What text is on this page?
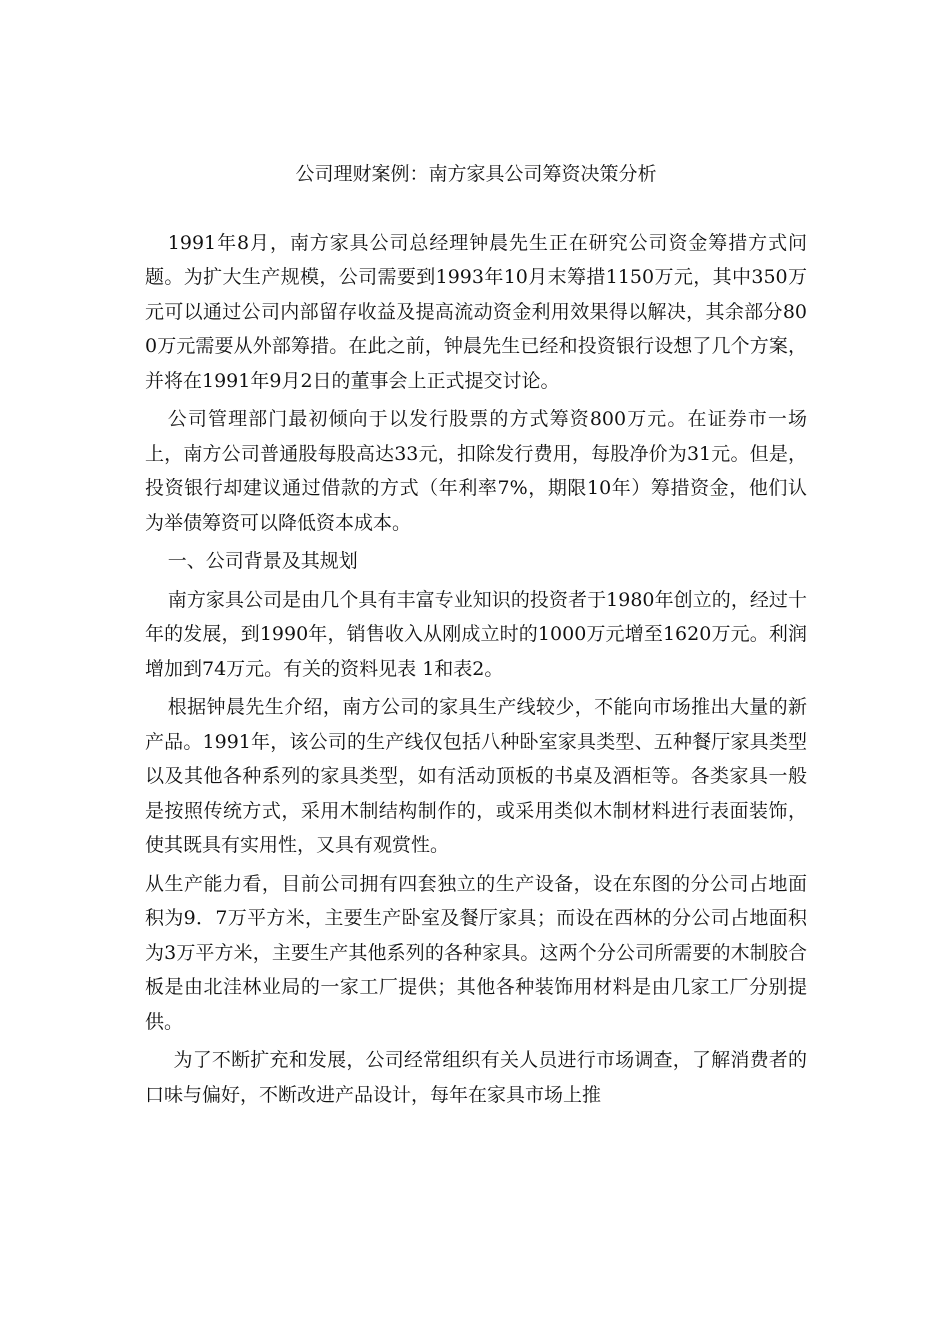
公司理财案例：南方家具公司筹资决策分析

1991年8月，南方家具公司总经理钟晨先生正在研究公司资金筹措方式问题。为扩大生产规模，公司需要到1993年10月末筹措1150万元，其中350万元可以通过公司内部留存收益及提高流动资金利用效果得以解决，其余部分800万元需要从外部筹措。在此之前，钟晨先生已经和投资银行设想了几个方案，并将在1991年9月2日的董事会上正式提交讨论。

公司管理部门最初倾向于以发行股票的方式筹资800万元。在证券市一场上，南方公司普通股每股高达33元，扣除发行费用，每股净价为31元。但是，投资银行却建议通过借款的方式（年利率7%，期限10年）筹措资金，他们认为举债筹资可以降低资本成本。

一、公司背景及其规划

南方家具公司是由几个具有丰富专业知识的投资者于1980年创立的，经过十年的发展，到1990年，销售收入从刚成立时的1000万元增至1620万元。利润增加到74万元。有关的资料见表 1和表2。

根据钟晨先生介绍，南方公司的家具生产线较少，不能向市场推出大量的新产品。1991年，该公司的生产线仅包括八种卧室家具类型、五种餐厅家具类型以及其他各种系列的家具类型，如有活动顶板的书桌及酒柜等。各类家具一般是按照传统方式，采用木制结构制作的，或采用类似木制材料进行表面装饰，使其既具有实用性，又具有观赏性。

从生产能力看，目前公司拥有四套独立的生产设备，设在东图的分公司占地面积为9．7万平方米，主要生产卧室及餐厅家具；而设在西林的分公司占地面积为3万平方米，主要生产其他系列的各种家具。这两个分公司所需要的木制胶合板是由北洼林业局的一家工厂提供；其他各种装饰用材料是由几家工厂分别提供。

为了不断扩充和发展，公司经常组织有关人员进行市场调查，了解消费者的口味与偏好，不断改进产品设计，每年在家具市场上推
